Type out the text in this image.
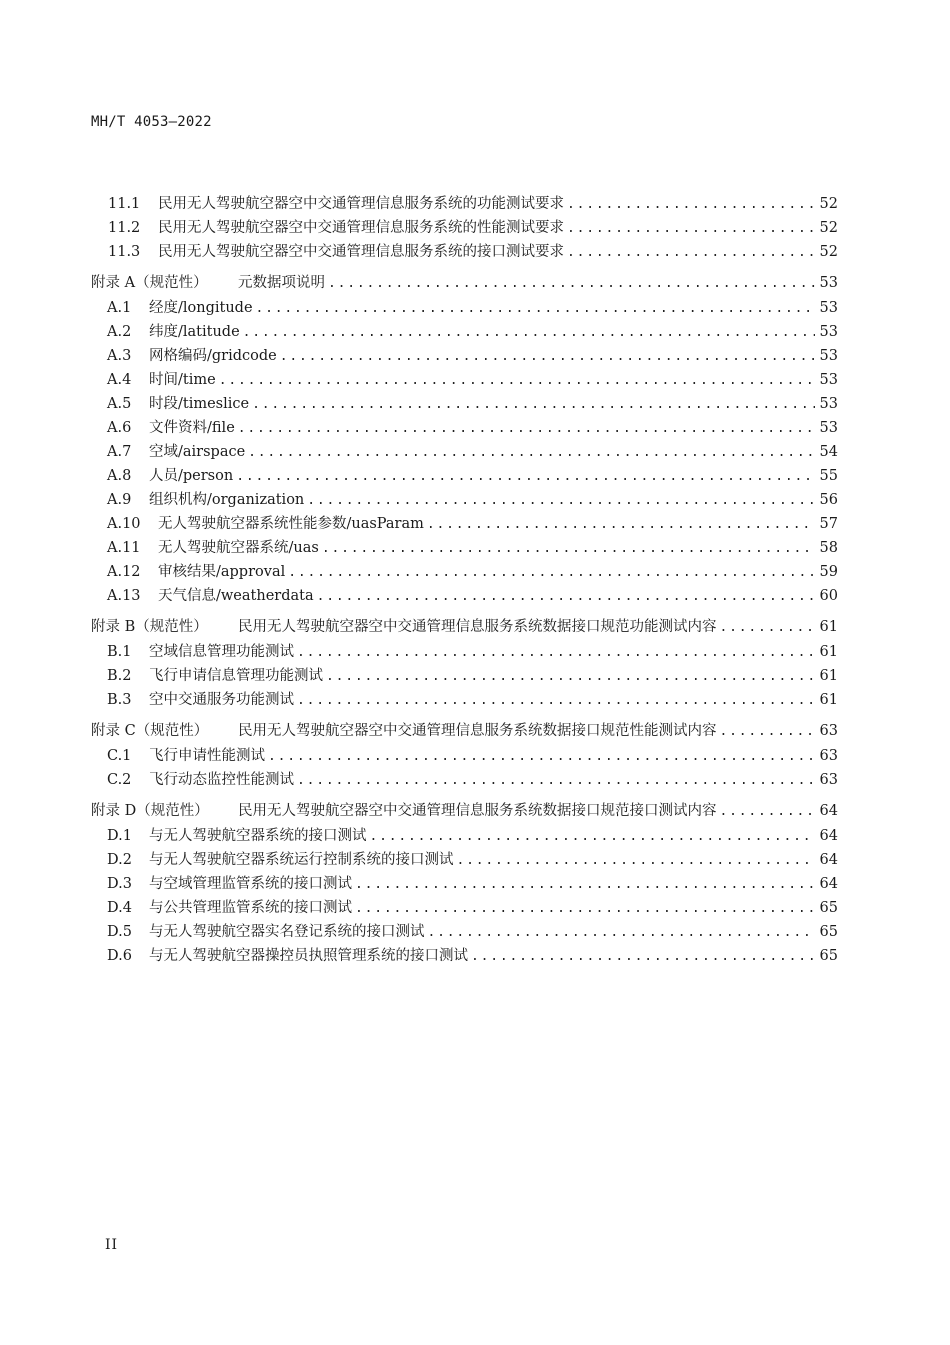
MH/T 4053—2022
11.1	民用无人驾驶航空器空中交通管理信息服务系统的功能测试要求 .....	52
11.2	民用无人驾驶航空器空中交通管理信息服务系统的性能测试要求 .....	52
11.3	民用无人驾驶航空器空中交通管理信息服务系统的接口测试要求 .....	52
附录 A（规范性）	元数据项说明 .....	53
A.1	经度/longitude .....	53
A.2	纬度/latitude .....	53
A.3	网格编码/gridcode .....	53
A.4	时间/time .....	53
A.5	时段/timeslice .....	53
A.6	文件资料/file .....	53
A.7	空域/airspace .....	54
A.8	人员/person .....	55
A.9	组织机构/organization .....	56
A.10	无人驾驶航空器系统性能参数/uasParam .....	57
A.11	无人驾驶航空器系统/uas .....	58
A.12	审核结果/approval .....	59
A.13	天气信息/weatherdata .....	60
附录 B（规范性）	民用无人驾驶航空器空中交通管理信息服务系统数据接口规范功能测试内容 .....	61
B.1	空域信息管理功能测试 .....	61
B.2	飞行申请信息管理功能测试 .....	61
B.3	空中交通服务功能测试 .....	61
附录 C（规范性）	民用无人驾驶航空器空中交通管理信息服务系统数据接口规范性能测试内容 .....	63
C.1	飞行申请性能测试 .....	63
C.2	飞行动态监控性能测试 .....	63
附录 D（规范性）	民用无人驾驶航空器空中交通管理信息服务系统数据接口规范接口测试内容 .....	64
D.1	与无人驾驶航空器系统的接口测试 .....	64
D.2	与无人驾驶航空器系统运行控制系统的接口测试 .....	64
D.3	与空域管理监管系统的接口测试 .....	64
D.4	与公共管理监管系统的接口测试 .....	65
D.5	与无人驾驶航空器实名登记系统的接口测试 .....	65
D.6	与无人驾驶航空器操控员执照管理系统的接口测试 .....	65
II
